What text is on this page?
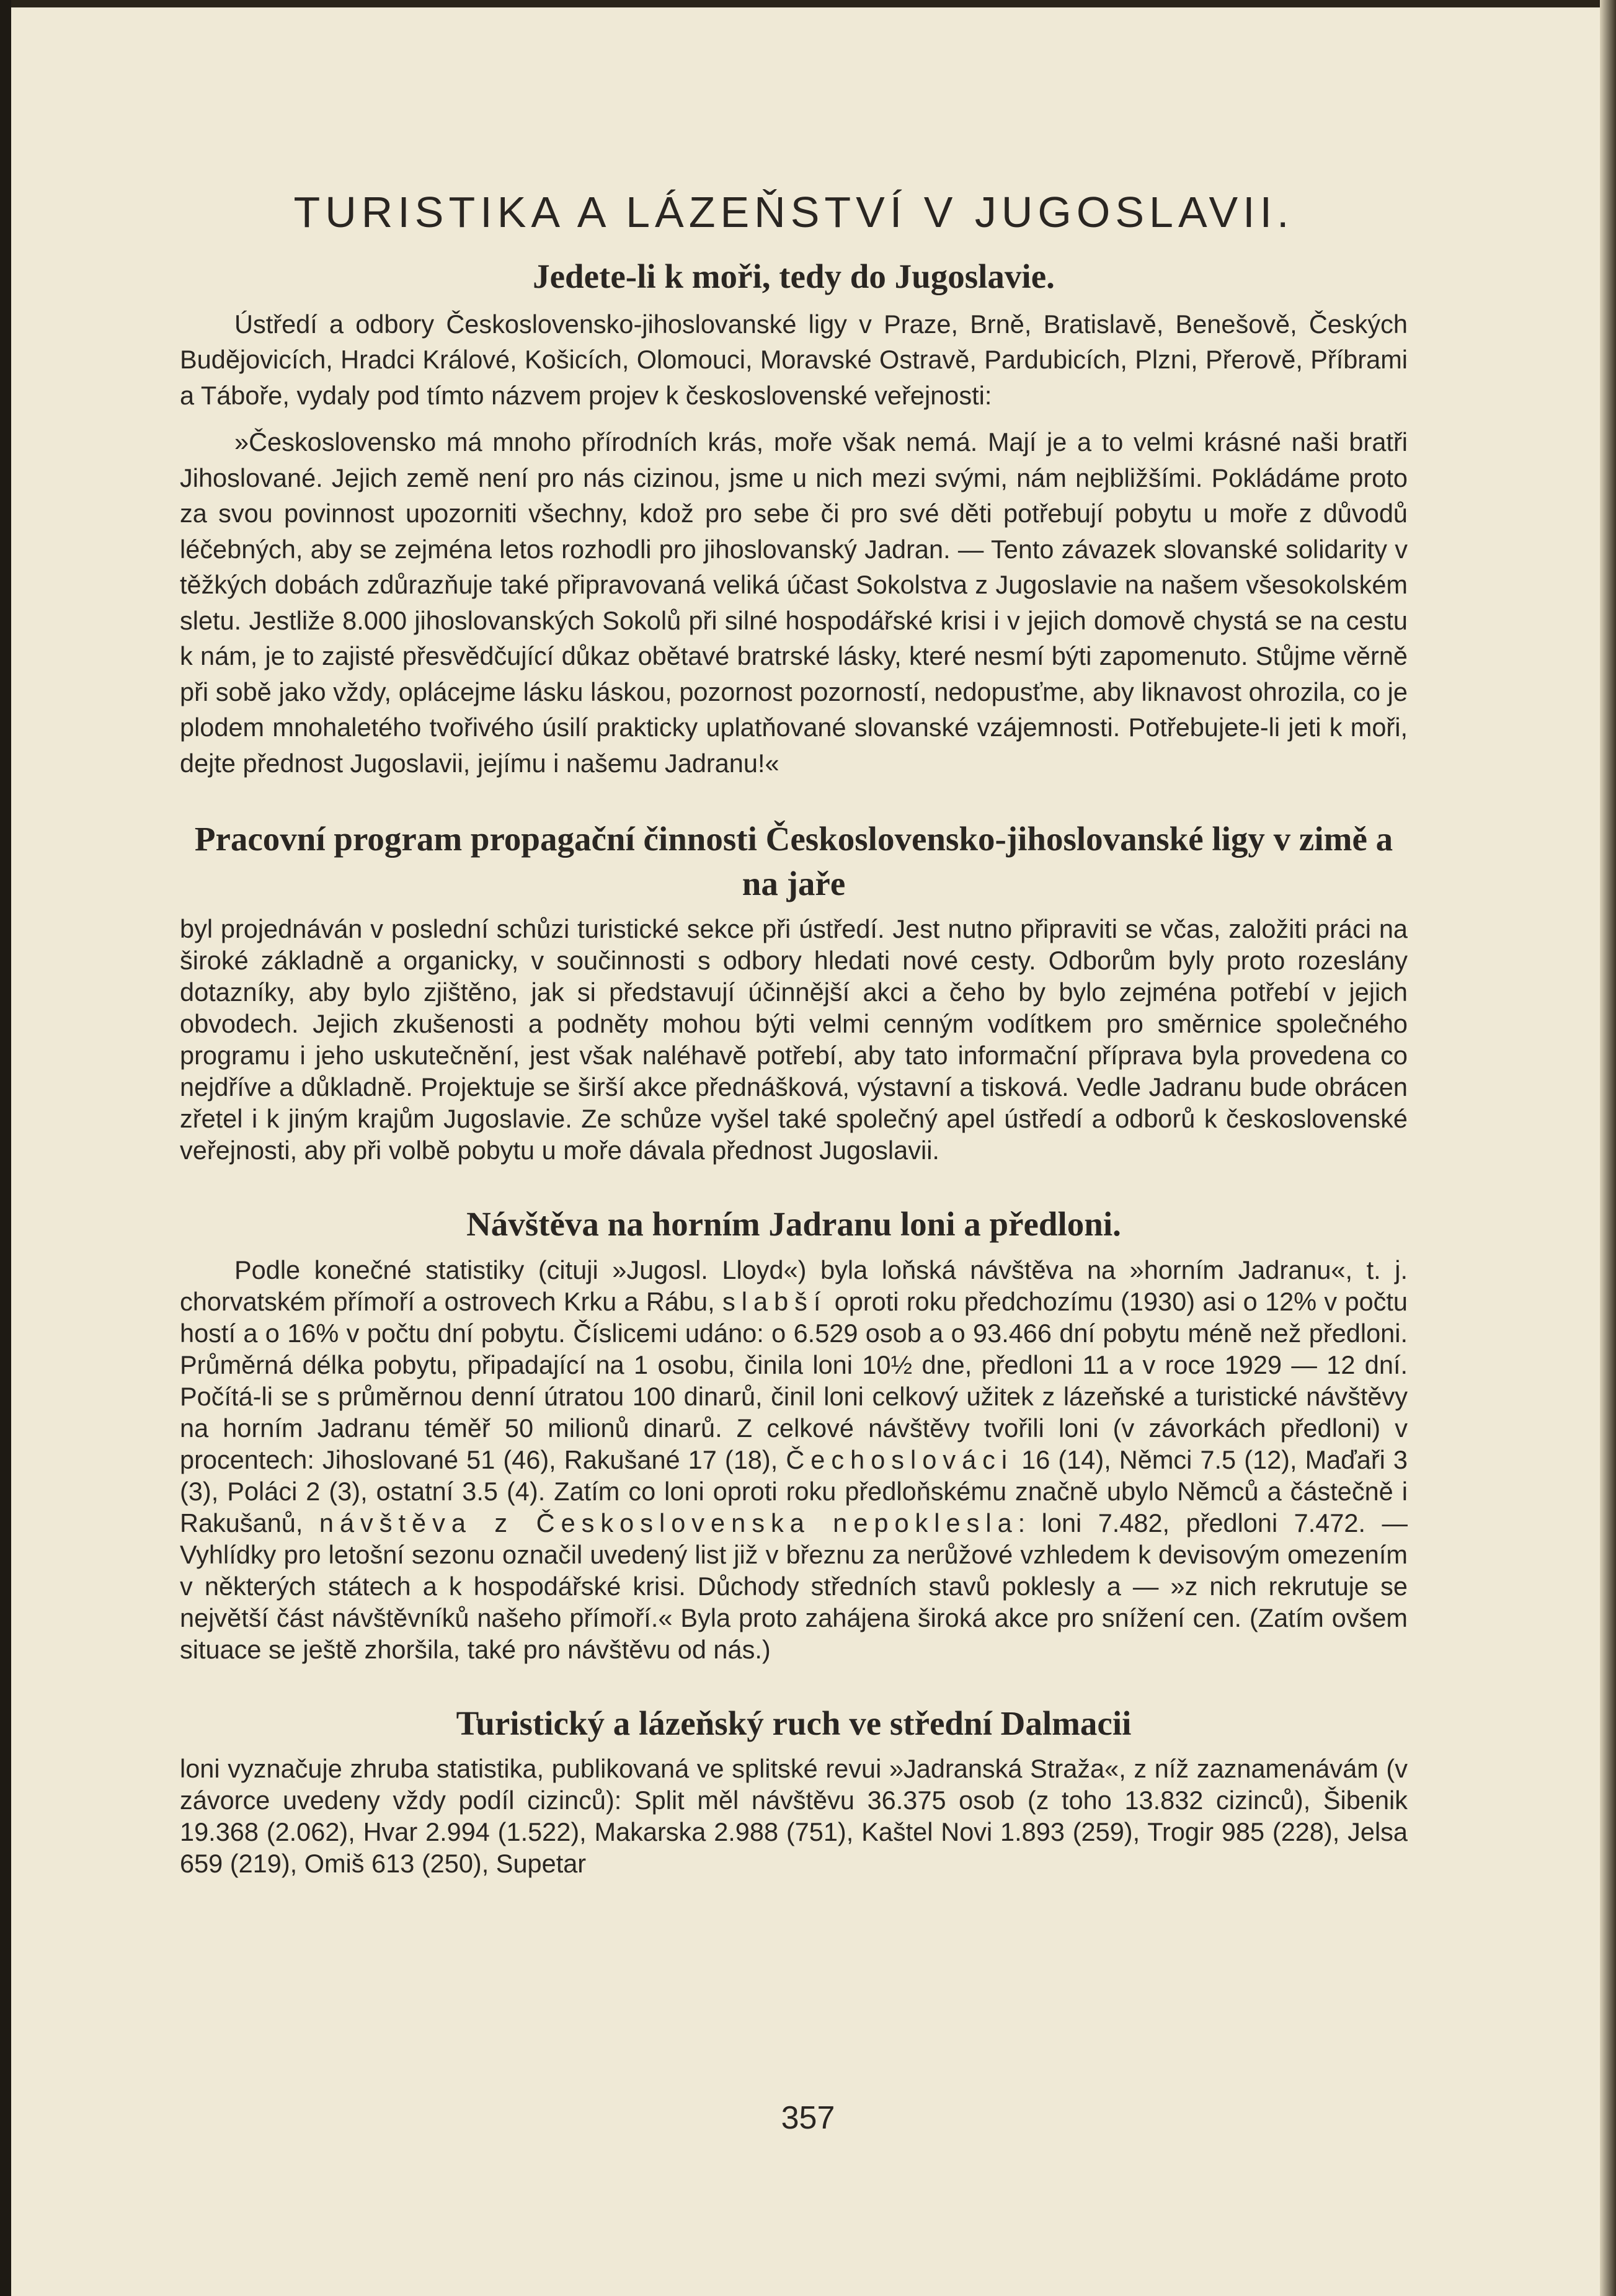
TURISTIKA A LÁZEŇSTVÍ V JUGOSLAVII.
Jedete-li k moři, tedy do Jugoslavie.

Ústředí a odbory Československo-jihoslovanské ligy v Praze, Brně, Bratislavě, Benešově, Českých Budějovicích, Hradci Králové, Košicích, Olomouci, Moravské Ostravě, Pardubicích, Plzni, Přerově, Příbrami a Táboře, vydaly pod tímto názvem projev k československé veřejnosti:

»Československo má mnoho přírodních krás, moře však nemá. Mají je a to velmi krásné naši bratři Jihoslované. Jejich země není pro nás cizinou, jsme u nich mezi svými, nám nejbližšími. Pokládáme proto za svou povinnost upozorniti všechny, kdož pro sebe či pro své děti potřebují pobytu u moře z důvodů léčebných, aby se zejména letos rozhodli pro jihoslovanský Jadran. — Tento závazek slovanské solidarity v těžkých dobách zdůrazňuje také připravovaná veliká účast Sokolstva z Jugoslavie na našem všesokolském sletu. Jestliže 8.000 jihoslovanských Sokolů při silné hospodářské krisi i v jejich domově chystá se na cestu k nám, je to zajisté přesvědčující důkaz obětavé bratrské lásky, které nesmí býti zapomenuto. Stůjme věrně při sobě jako vždy, opláceјme lásku láskou, pozornost pozorností, nedopusťme, aby liknavost ohrozila, co je plodem mnohaletého tvořivého úsilí prakticky uplatňované slovanské vzájemnosti. Potřebujete-li jeti k moři, dejte přednost Jugoslavii, jejímu i našemu Jadranu!«

Pracovní program propagační činnosti Československo-jihoslovanské ligy v zimě a na jaře

byl projednáván v poslední schůzi turistické sekce při ústředí. Jest nutno připraviti se včas, založiti práci na široké základně a organicky, v součinnosti s odbory hledati nové cesty. Odborům byly proto rozeslány dotazníky, aby bylo zjištěno, jak si představují účinnější akci a čeho by bylo zejména potřebí v jejich obvodech. Jejich zkušenosti a podněty mohou býti velmi cenným vodítkem pro směrnice společného programu i jeho uskutečnění, jest však naléhavě potřebí, aby tato informační příprava byla provedena co nejdříve a důkladně. Projektuje se širší akce přednášková, výstavní a tisková. Vedle Jadranu bude obrácen zřetel i k jiným krajům Jugoslavie. Ze schůze vyšel také společný apel ústředí a odborů k československé veřejnosti, aby při volbě pobytu u moře dávala přednost Jugoslavii.

Návštěva na horním Jadranu loni a předloni.

Podle konečné statistiky (cituji »Jugosl. Lloyd«) byla loňská návštěva na »horním Jadranu«, t. j. chorvatském přímoří a ostrovech Krku a Rábu, slabší oproti roku předchozímu (1930) asi o 12% v počtu hostí a o 16% v počtu dní pobytu. Číslicemi udáno: o 6.529 osob a o 93.466 dní pobytu méně než předloni. Průměrná délka pobytu, připadající na 1 osobu, činila loni 10½ dne, předloni 11 a v roce 1929 — 12 dní. Počítá-li se s průměrnou denní útratou 100 dinarů, činil loni celkový užitek z lázeňské a turistické návštěvy na horním Jadranu téměř 50 milionů dinarů. Z celkové návštěvy tvořili loni (v závorkách předloni) v procentech: Jihoslované 51 (46), Rakušané 17 (18), Čechoslováci 16 (14), Němci 7.5 (12), Maďaři 3 (3), Poláci 2 (3), ostatní 3.5 (4). Zatím co loni oproti roku předloňskému značně ubylo Němců a částečně i Rakušanů, návštěva z Československa nepoklesla: loni 7.482, předloni 7.472. — Vyhlídky pro letošní sezonu označil uvedený list již v březnu za nerůžové vzhledem k devisovým omezením v některých státech a k hospodářské krisi. Důchody středních stavů poklesly a — »z nich rekrutuje se největší část návštěvníků našeho přímoří.« Byla proto zahájena široká akce pro snížení cen. (Zatím ovšem situace se ještě zhoršila, také pro návštěvu od nás.)

Turistický a lázeňský ruch ve střední Dalmacii

loni vyznačuje zhruba statistika, publikovaná ve splitské revui »Jadranská Straža«, z níž zaznamenávám (v závorce uvedeny vždy podíl cizinců): Split měl návštěvu 36.375 osob (z toho 13.832 cizinců), Šibenik 19.368 (2.062), Hvar 2.994 (1.522), Makarska 2.988 (751), Kaštel Novi 1.893 (259), Trogir 985 (228), Jelsa 659 (219), Omiš 613 (250), Supetar

357
